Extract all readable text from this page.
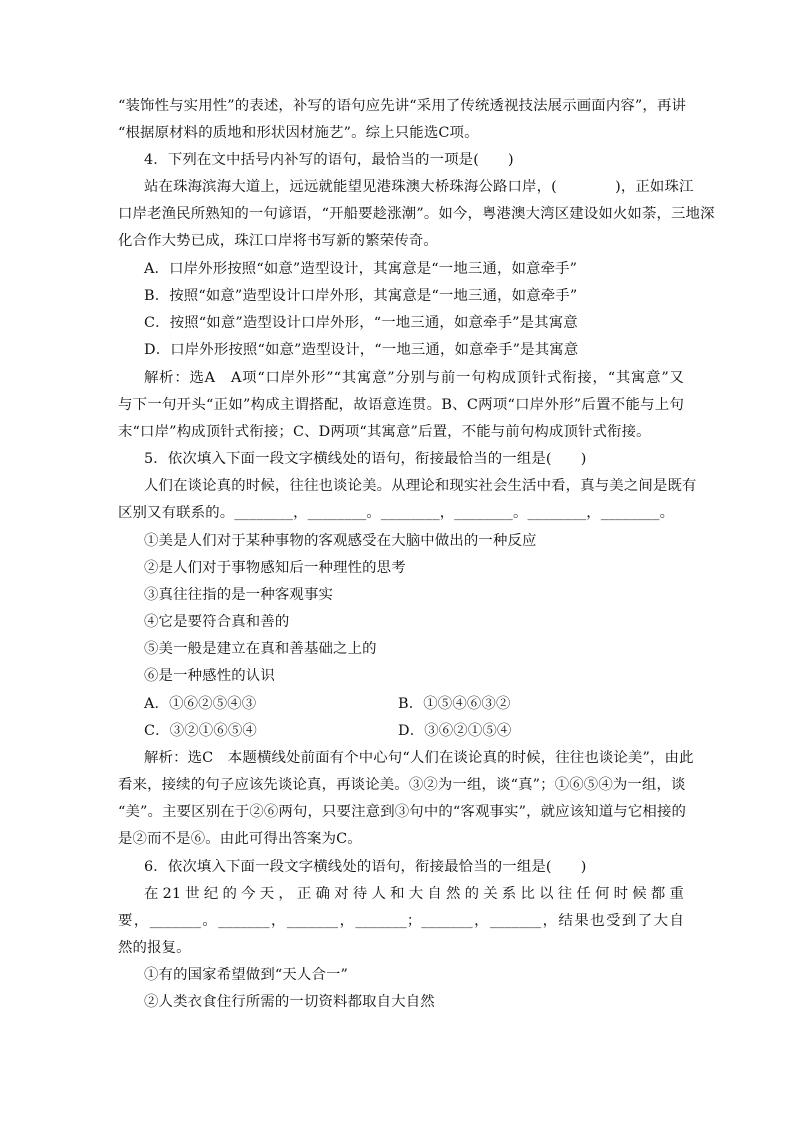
“装饰性与实用性”的表述，补写的语句应先讲“采用了传统透视技法展示画面内容”，再讲
“根据原材料的质地和形状因材施艺”。综上只能选C项。
4．下列在文中括号内补写的语句，最恰当的一项是(　　)
站在珠海滨海大道上，远远就能望见港珠澳大桥珠海公路口岸，(　　　　)，正如珠江
口岸老渔民所熟知的一句谚语，“开船要趁涨潮”。如今，粤港澳大湾区建设如火如荼，三地深
化合作大势已成，珠江口岸将书写新的繁荣传奇。
A．口岸外形按照“如意”造型设计，其寓意是“一地三通，如意牵手”
B．按照“如意”造型设计口岸外形，其寓意是“一地三通，如意牵手”
C．按照“如意”造型设计口岸外形，“一地三通，如意牵手”是其寓意
D．口岸外形按照“如意”造型设计，“一地三通，如意牵手”是其寓意
解析：选A　A项“口岸外形”“其寓意”分别与前一句构成顶针式衔接，“其寓意”又
与下一句开头“正如”构成主谓搭配，故语意连贯。B、C两项“口岸外形”后置不能与上句
末“口岸”构成顶针式衔接；C、D两项“其寓意”后置，不能与前句构成顶针式衔接。
5．依次填入下面一段文字横线处的语句，衔接最恰当的一组是(　　)
人们在谈论真的时候，往往也谈论美。从理论和现实社会生活中看，真与美之间是既有
区别又有联系的。________，________。________，________。________，________。
①美是人们对于某种事物的客观感受在大脑中做出的一种反应
②是人们对于事物感知后一种理性的思考
③真往往指的是一种客观事实
④它是要符合真和善的
⑤美一般是建立在真和善基础之上的
⑥是一种感性的认识
A．①⑥②⑤④③	B．①⑤④⑥③②
C．③②①⑥⑤④	D．③⑥②①⑤④
解析：选C　本题横线处前面有个中心句“人们在谈论真的时候，往往也谈论美”，由此
看来，接续的句子应该先谈论真，再谈论美。③②为一组，谈“真”；①⑥⑤④为一组，谈
“美”。主要区别在于②⑥两句，只要注意到③句中的“客观事实”，就应该知道与它相接的
是②而不是⑥。由此可得出答案为C。
6．依次填入下面一段文字横线处的语句，衔接最恰当的一组是(　　)
在21世纪的今天，正确对待人和大自然的关系比以往任何时候都重
要，_______。_______，_______，_______；_______，_______，结果也受到了大自
然的报复。
①有的国家希望做到“天人合一”
②人类衣食住行所需的一切资料都取自大自然
